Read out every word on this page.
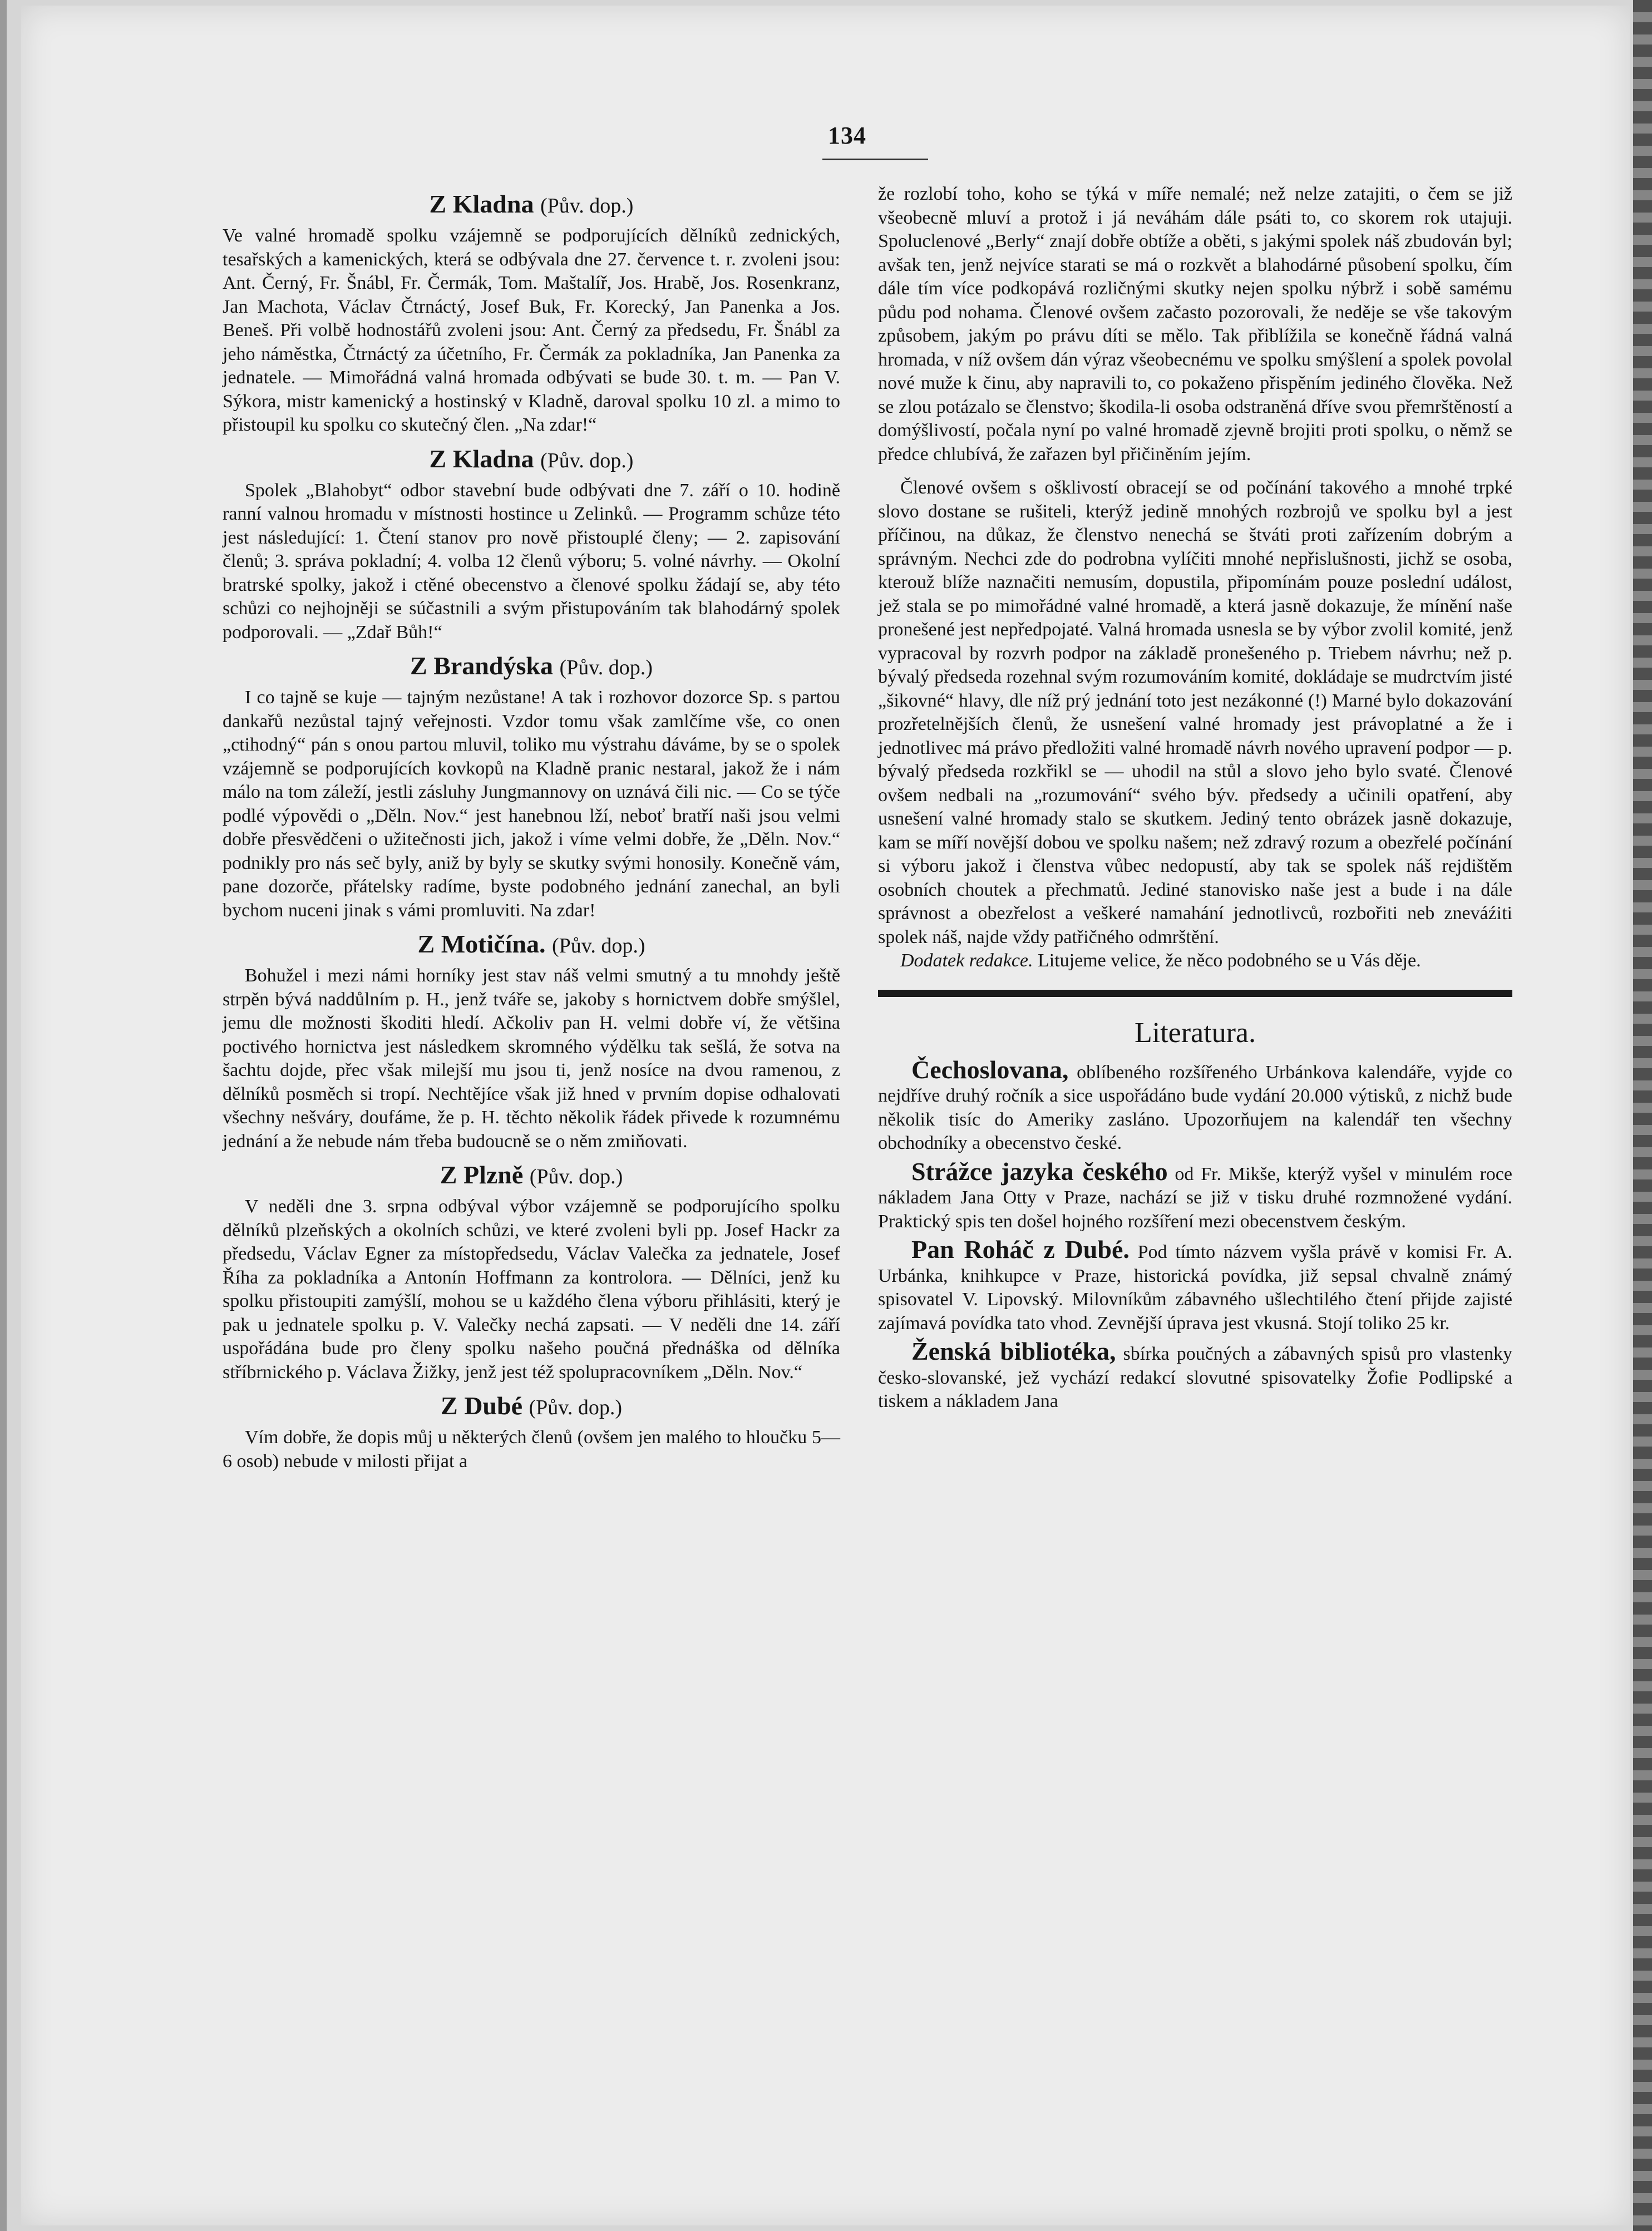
134
Z Kladna (Pův. dop.)

Ve valné hromadě spolku vzájemně se podporujících dělníků zednických, tesařských a kamenických, která se odbývala dne 27. července t. r. zvoleni jsou: Ant. Černý, Fr. Šnábl, Fr. Čermák, Tom. Maštalíř, Jos. Hrabě, Jos. Rosenkranz, Jan Machota, Václav Čtrnáctý, Josef Buk, Fr. Korecký, Jan Panenka a Jos. Beneš. Při volbě hodnostářů zvoleni jsou: Ant. Černý za předsedu, Fr. Šnábl za jeho náměstka, Čtrnáctý za účetního, Fr. Čermák za pokladníka, Jan Panenka za jednatele. — Mimořádná valná hromada odbývati se bude 30. t. m. — Pan V. Sýkora, mistr kamenický a hostinský v Kladně, daroval spolku 10 zl. a mimo to přistoupil ku spolku co skutečný člen. „Na zdar!“

Z Kladna (Pův. dop.)

Spolek „Blahobyt“ odbor stavební bude odbývati dne 7. září o 10. hodině ranní valnou hromadu v místnosti hostince u Zelinků. — Programm schůze této jest následující: 1. Čtení stanov pro nově přistouplé členy; — 2. zapisování členů; 3. správa pokladní; 4. volba 12 členů výboru; 5. volné návrhy. — Okolní bratrské spolky, jakož i ctěné obecenstvo a členové spolku žádají se, aby této schůzi co nejhojněji se súčastnili a svým přistupováním tak blahodárný spolek podporovali. — „Zdař Bůh!“

Z Brandýska (Pův. dop.)

I co tajně se kuje — tajným nezůstane! A tak i rozhovor dozorce Sp. s partou dankařů nezůstal tajný veřejnosti. Vzdor tomu však zamlčíme vše, co onen „ctihodný“ pán s onou partou mluvil, toliko mu výstrahu dáváme, by se o spolek vzájemně se podporujících kovkopů na Kladně pranic nestaral, jakož že i nám málo na tom záleží, jestli zásluhy Jungmannovy on uznává čili nic. — Co se týče podlé výpovědi o „Děln. Nov.“ jest hanebnou lží, neboť bratří naši jsou velmi dobře přesvědčeni o užitečnosti jich, jakož i víme velmi dobře, že „Děln. Nov.“ podnikly pro nás seč byly, aniž by byly se skutky svými honosily. Konečně vám, pane dozorče, přátelsky radíme, byste podobného jednání zanechal, an byli bychom nuceni jinak s vámi promluviti. Na zdar!

Z Motičína. (Pův. dop.)

Bohužel i mezi námi horníky jest stav náš velmi smutný a tu mnohdy ještě strpěn bývá naddůlním p. H., jenž tváře se, jakoby s hornictvem dobře smýšlel, jemu dle možnosti škoditi hledí. Ačkoliv pan H. velmi dobře ví, že většina poctivého hornictva jest následkem skromného výdělku tak sešlá, že sotva na šachtu dojde, přec však milejší mu jsou ti, jenž nosíce na dvou ramenou, z dělníků posměch si tropí. Nechtějíce však již hned v prvním dopise odhalovati všechny nešváry, doufáme, že p. H. těchto několik řádek přivede k rozumnému jednání a že nebude nám třeba budoucně se o něm zmiňovati.

Z Plzně (Pův. dop.)

V neděli dne 3. srpna odbýval výbor vzájemně se podporujícího spolku dělníků plzeňských a okolních schůzi, ve které zvoleni byli pp. Josef Hackr za předsedu, Václav Egner za místopředsedu, Václav Valečka za jednatele, Josef Říha za pokladníka a Antonín Hoffmann za kontrolora. — Dělníci, jenž ku spolku přistoupiti zamýšlí, mohou se u každého člena výboru přihlásiti, který je pak u jednatele spolku p. V. Valečky nechá zapsati. — V neděli dne 14. září uspořádána bude pro členy spolku našeho poučná přednáška od dělníka stříbrnického p. Václava Žižky, jenž jest též spolupracovníkem „Děln. Nov.“

Z Dubé (Pův. dop.)

Vím dobře, že dopis můj u některých členů (ovšem jen malého to hloučku 5—6 osob) nebude v milosti přijat a

že rozlobí toho, koho se týká v míře nemalé; než nelze zatajiti, o čem se již všeobecně mluví a protož i já neváhám dále psáti to, co skorem rok utajuji. Spoluclenové „Berly“ znají dobře obtíže a oběti, s jakými spolek náš zbudován byl; avšak ten, jenž nejvíce starati se má o rozkvět a blahodárné působení spolku, čím dále tím více podkopává rozličnými skutky nejen spolku nýbrž i sobě samému půdu pod nohama. Členové ovšem začasto pozorovali, že neděje se vše takovým způsobem, jakým po právu díti se mělo. Tak přiblížila se konečně řádná valná hromada, v níž ovšem dán výraz všeobecnému ve spolku smýšlení a spolek povolal nové muže k činu, aby napravili to, co pokaženo přispěním jediného člověka. Než se zlou potázalo se členstvo; škodila-li osoba odstraněná dříve svou přemrštěností a domýšlivostí, počala nyní po valné hromadě zjevně brojiti proti spolku, o němž se předce chlubívá, že zařazen byl přičiněním jejím.

Členové ovšem s ošklivostí obracejí se od počínání takového a mnohé trpké slovo dostane se rušiteli, kterýž jedině mnohých rozbrojů ve spolku byl a jest příčinou, na důkaz, že členstvo nenechá se štváti proti zařízením dobrým a správným. Nechci zde do podrobna vylíčiti mnohé nepřislušnosti, jichž se osoba, kterouž blíže naznačiti nemusím, dopustila, připomínám pouze poslední událost, jež stala se po mimořádné valné hromadě, a která jasně dokazuje, že mínění naše pronešené jest nepředpojaté. Valná hromada usnesla se by výbor zvolil komité, jenž vypracoval by rozvrh podpor na základě pronešeného p. Triebem návrhu; než p. bývalý předseda rozehnal svým rozumováním komité, dokládaje se mudrctvím jisté „šikovné“ hlavy, dle níž prý jednání toto jest nezákonné (!) Marné bylo dokazování prozřetelnějších členů, že usnešení valné hromady jest právoplatné a že i jednotlivec má právo předložiti valné hromadě návrh nového upravení podpor — p. bývalý předseda rozkřikl se — uhodil na stůl a slovo jeho bylo svaté. Členové ovšem nedbali na „rozumování“ svého býv. předsedy a učinili opatření, aby usnešení valné hromady stalo se skutkem. Jediný tento obrázek jasně dokazuje, kam se míří novější dobou ve spolku našem; než zdravý rozum a obezřelé počínání si výboru jakož i členstva vůbec nedopustí, aby tak se spolek náš rejdištěm osobních choutek a přechmatů. Jediné stanovisko naše jest a bude i na dále správnost a obezřelost a veškeré namahání jednotlivců, rozbořiti neb zneváźiti spolek náš, najde vždy patřičného odmrštění.

Dodatek redakce. Litujeme velice, že něco podobného se u Vás děje.

Literatura.

Čechoslovana, oblíbeného rozšířeného Urbánkova kalendáře, vyjde co nejdříve druhý ročník a sice uspořádáno bude vydání 20.000 výtisků, z nichž bude několik tisíc do Ameriky zasláno. Upozorňujem na kalendář ten všechny obchodníky a obecenstvo české.

Strážce jazyka českého od Fr. Mikše, kterýž vyšel v minulém roce nákladem Jana Otty v Praze, nachází se již v tisku druhé rozmnožené vydání. Praktický spis ten došel hojného rozšíření mezi obecenstvem českým.

Pan Roháč z Dubé. Pod tímto názvem vyšla právě v komisi Fr. A. Urbánka, knihkupce v Praze, historická povídka, již sepsal chvalně známý spisovatel V. Lipovský. Milovníkům zábavného ušlechtilého čtení přijde zajisté zajímavá povídka tato vhod. Zevnější úprava jest vkusná. Stojí toliko 25 kr.

Ženská bibliotéka, sbírka poučných a zábavných spisů pro vlastenky česko-slovanské, jež vychází redakcí slovutné spisovatelky Žofie Podlipské a tiskem a nákladem Jana
